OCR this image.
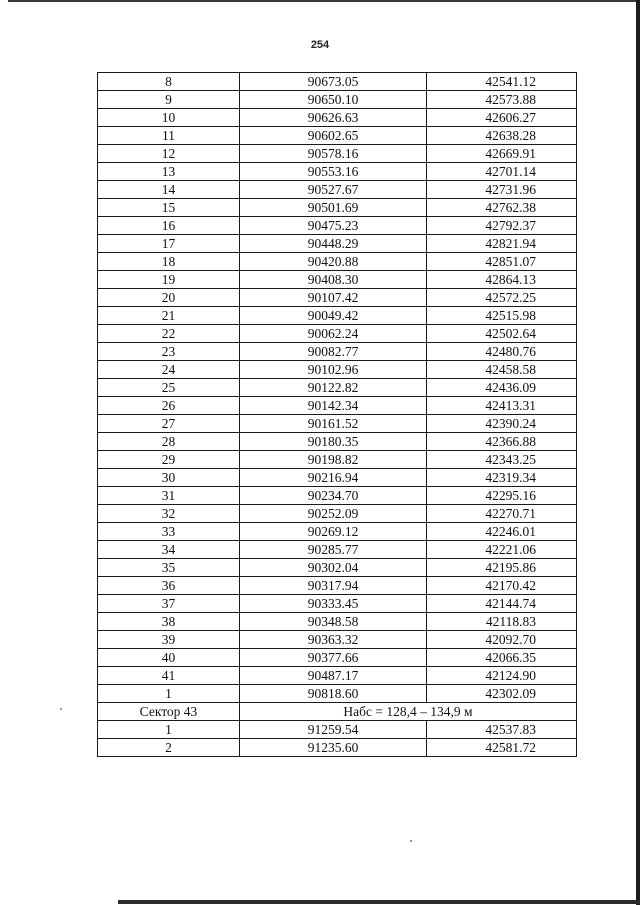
254
8	90673.05	42541.12
9	90650.10	42573.88
10	90626.63	42606.27
11	90602.65	42638.28
12	90578.16	42669.91
13	90553.16	42701.14
14	90527.67	42731.96
15	90501.69	42762.38
16	90475.23	42792.37
17	90448.29	42821.94
18	90420.88	42851.07
19	90408.30	42864.13
20	90107.42	42572.25
21	90049.42	42515.98
22	90062.24	42502.64
23	90082.77	42480.76
24	90102.96	42458.58
25	90122.82	42436.09
26	90142.34	42413.31
27	90161.52	42390.24
28	90180.35	42366.88
29	90198.82	42343.25
30	90216.94	42319.34
31	90234.70	42295.16
32	90252.09	42270.71
33	90269.12	42246.01
34	90285.77	42221.06
35	90302.04	42195.86
36	90317.94	42170.42
37	90333.45	42144.74
38	90348.58	42118.83
39	90363.32	42092.70
40	90377.66	42066.35
41	90487.17	42124.90
1	90818.60	42302.09
Сектор 43	Набс = 128,4 – 134,9 м	
1	91259.54	42537.83
2	91235.60	42581.72
